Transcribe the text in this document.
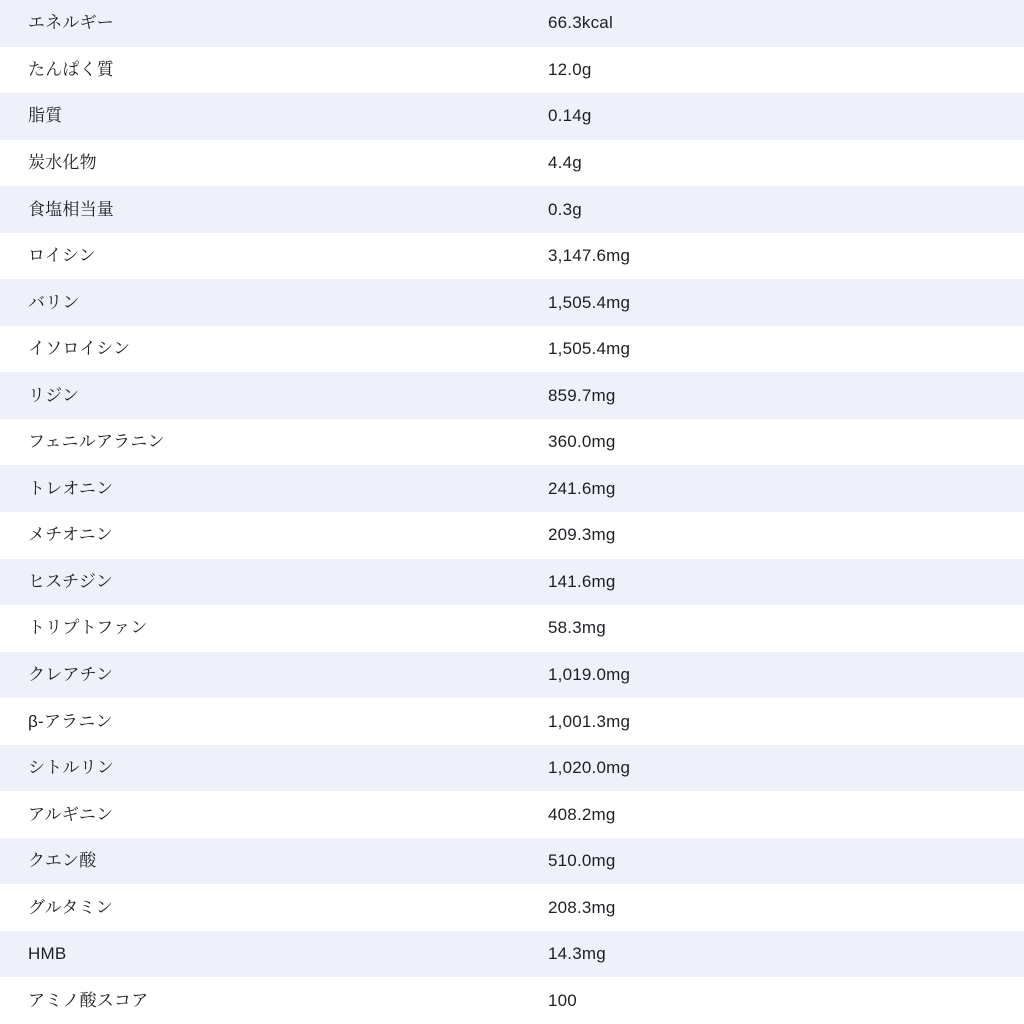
エネルギー	66.3kcal
たんぱく質	12.0g
脂質	0.14g
炭水化物	4.4g
食塩相当量	0.3g
ロイシン	3,147.6mg
バリン	1,505.4mg
イソロイシン	1,505.4mg
リジン	859.7mg
フェニルアラニン	360.0mg
トレオニン	241.6mg
メチオニン	209.3mg
ヒスチジン	141.6mg
トリプトファン	58.3mg
クレアチン	1,019.0mg
β-アラニン	1,001.3mg
シトルリン	1,020.0mg
アルギニン	408.2mg
クエン酸	510.0mg
グルタミン	208.3mg
HMB	14.3mg
アミノ酸スコア	100
